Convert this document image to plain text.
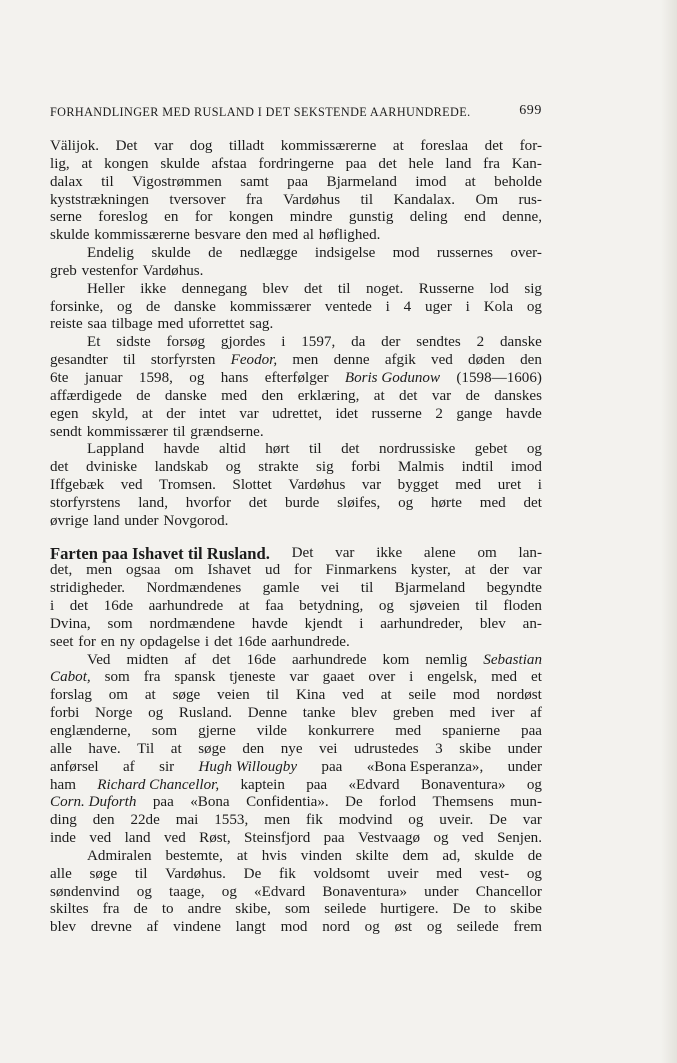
FORHANDLINGER MED RUSLAND I DET SEKSTENDE AARHUNDREDE.	699
Välijok. Det var dog tilladt kommissærerne at foreslaa det for-
lig, at kongen skulde afstaa fordringerne paa det hele land fra Kan-
dalax til Vigostrømmen samt paa Bjarmeland imod at beholde
kyststrækningen tversover fra Vardøhus til Kandalax. Om rus-
serne foreslog en for kongen mindre gunstig deling end denne,
skulde kommissærerne besvare den med al høflighed.
Endelig skulde de nedlægge indsigelse mod russernes over-
greb vestenfor Vardøhus.
Heller ikke dennegang blev det til noget. Russerne lod sig
forsinke, og de danske kommissærer ventede i 4 uger i Kola og
reiste saa tilbage med uforrettet sag.
Et sidste forsøg gjordes i 1597, da der sendtes 2 danske
gesandter til storfyrsten Feodor, men denne afgik ved døden den
6te januar 1598, og hans efterfølger Boris Godunow (1598—1606)
affærdigede de danske med den erklæring, at det var de danskes
egen skyld, at der intet var udrettet, idet russerne 2 gange havde
sendt kommissærer til grændserne.
Lappland havde altid hørt til det nordrussiske gebet og
det dviniske landskab og strakte sig forbi Malmis indtil imod
Iffgebæk ved Tromsen. Slottet Vardøhus var bygget med uret i
storfyrstens land, hvorfor det burde sløifes, og hørte med det
øvrige land under Novgorod.
Farten paa Ishavet til Rusland. Det var ikke alene om lan-
det, men ogsaa om Ishavet ud for Finmarkens kyster, at der var
stridigheder. Nordmændenes gamle vei til Bjarmeland begyndte
i det 16de aarhundrede at faa betydning, og sjøveien til floden
Dvina, som nordmændene havde kjendt i aarhundreder, blev an-
seet for en ny opdagelse i det 16de aarhundrede.
Ved midten af det 16de aarhundrede kom nemlig Sebastian
Cabot, som fra spansk tjeneste var gaaet over i engelsk, med et
forslag om at søge veien til Kina ved at seile mod nordøst
forbi Norge og Rusland. Denne tanke blev greben med iver af
englænderne, som gjerne vilde konkurrere med spanierne paa
alle have. Til at søge den nye vei udrustedes 3 skibe under
anførsel af sir Hugh Willougby paa «Bona Esperanza», under
ham Richard Chancellor, kaptein paa «Edvard Bonaventura» og
Corn. Duforth paa «Bona Confidentia». De forlod Themsens mun-
ding den 22de mai 1553, men fik modvind og uveir. De var
inde ved land ved Røst, Steinsfjord paa Vestvaagø og ved Senjen.
Admiralen bestemte, at hvis vinden skilte dem ad, skulde de
alle søge til Vardøhus. De fik voldsomt uveir med vest- og
søndenvind og taage, og «Edvard Bonaventura» under Chancellor
skiltes fra de to andre skibe, som seilede hurtigere. De to skibe
blev drevne af vindene langt mod nord og øst og seilede frem
